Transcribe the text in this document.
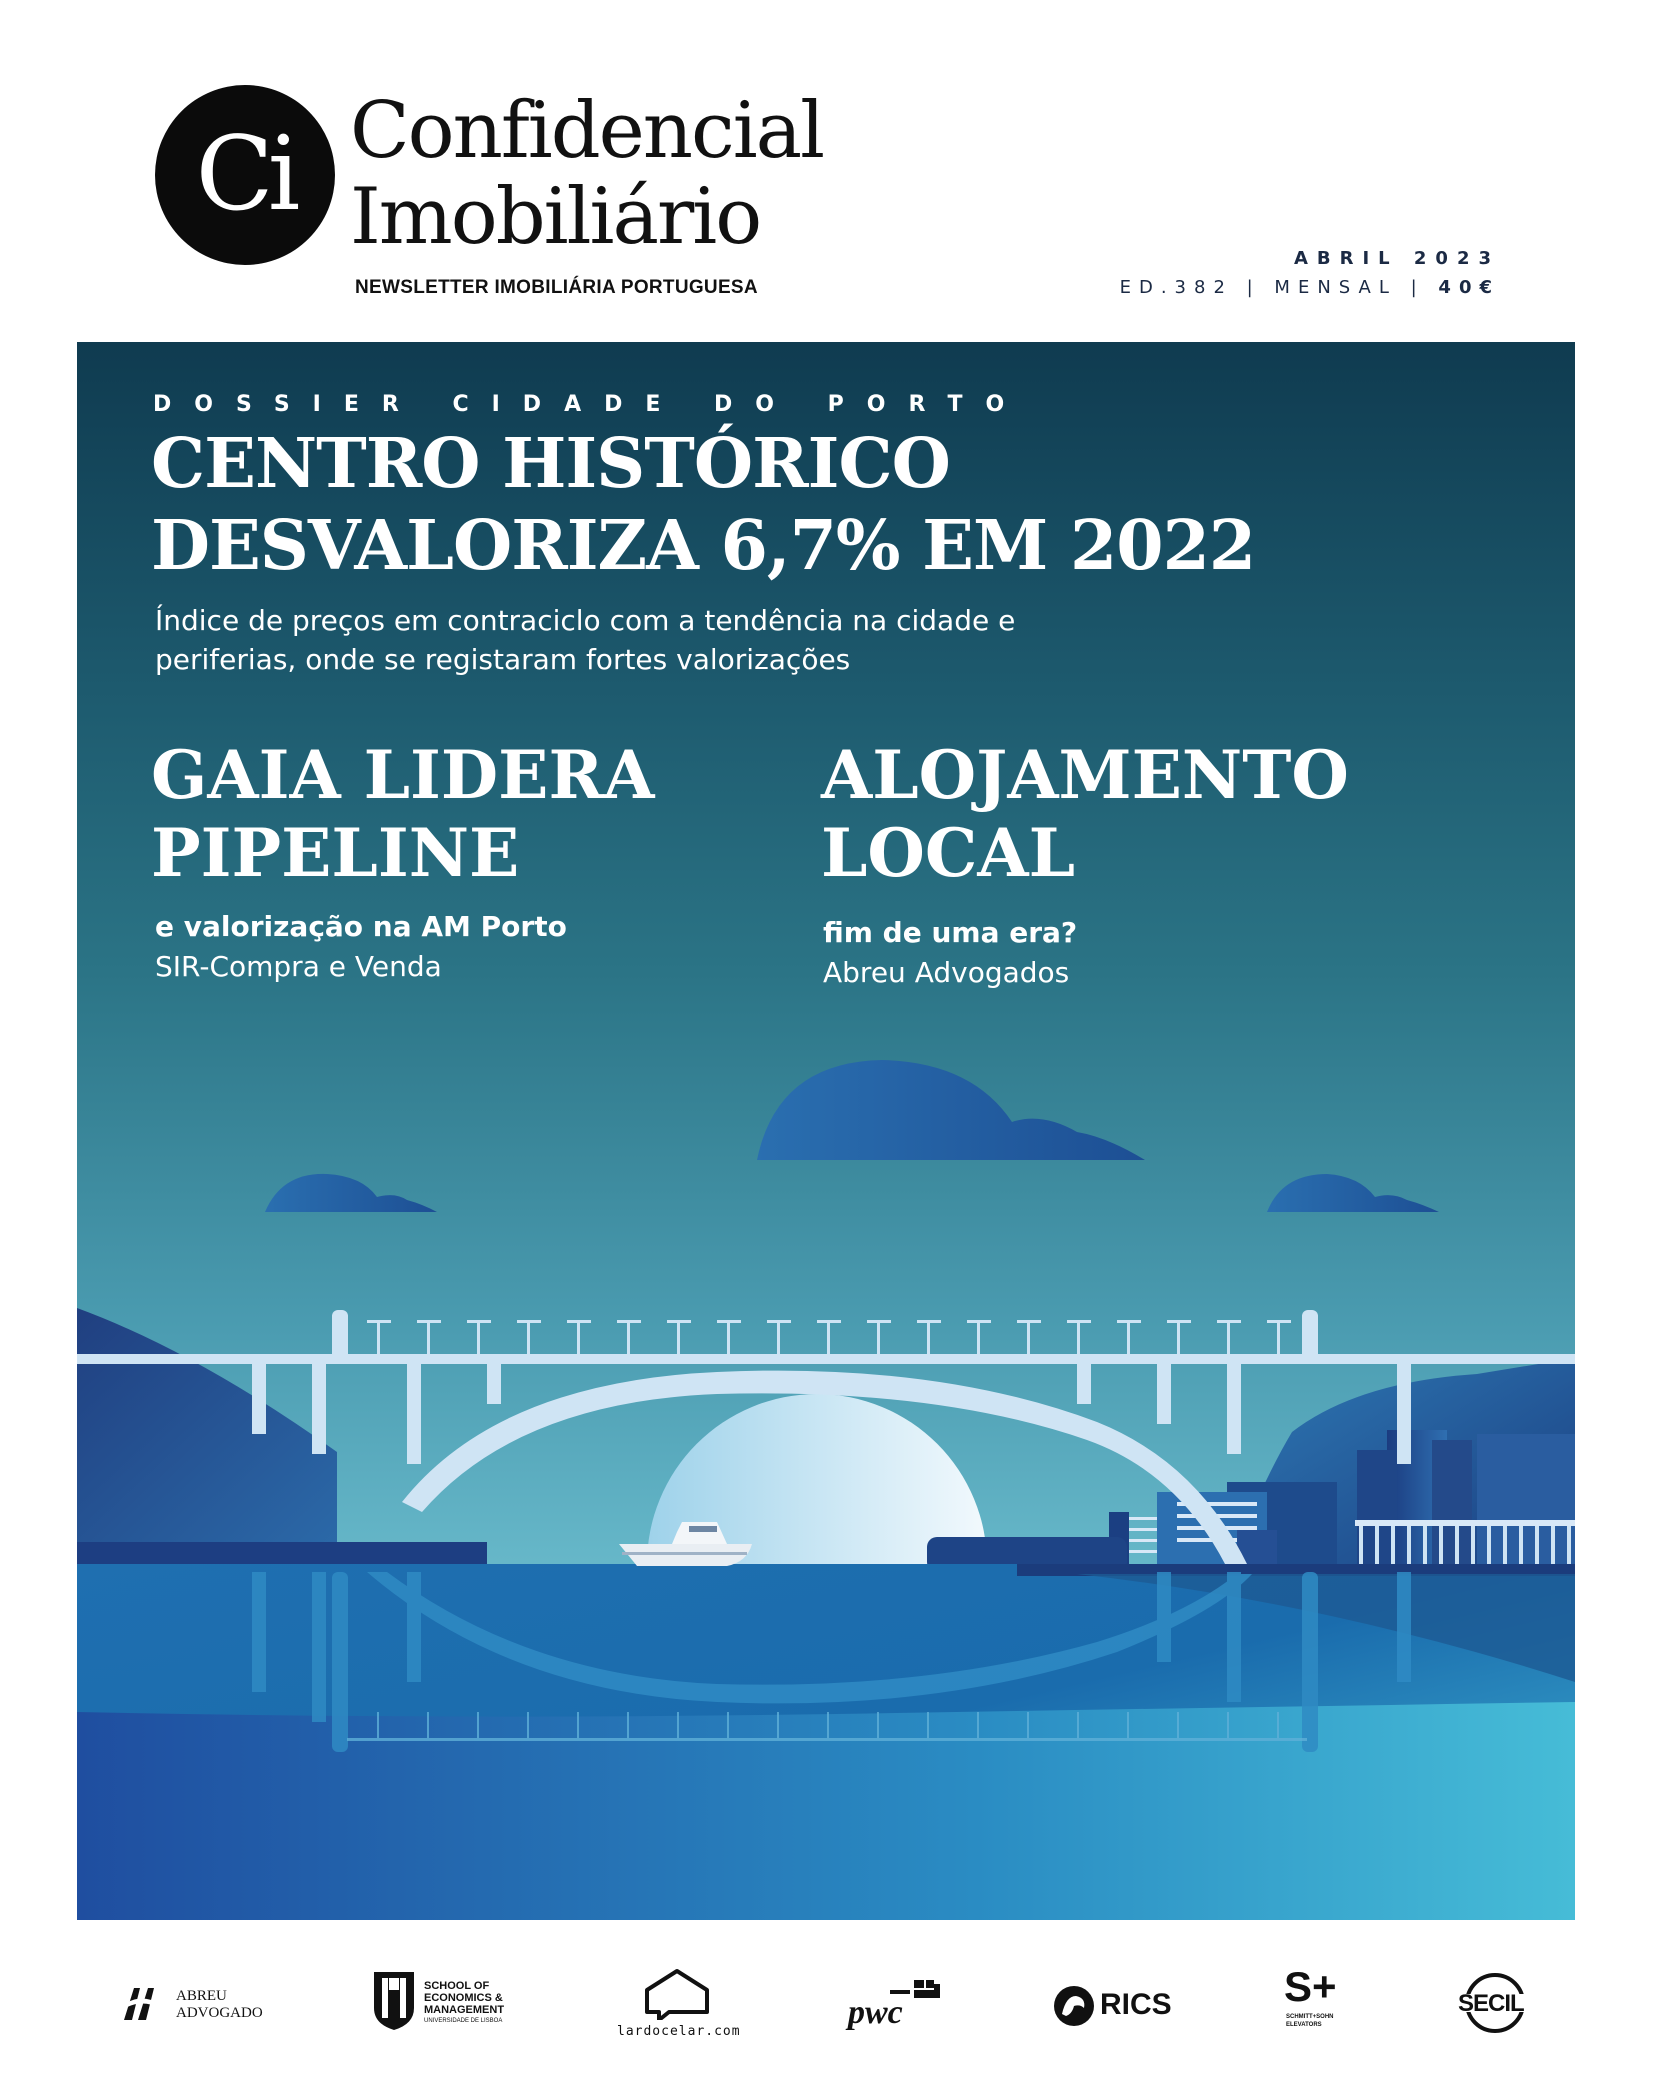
Ci Confidencial
Imobiliário
NEWSLETTER IMOBILIÁRIA PORTUGUESA
ABRIL 2023
ED.382 | MENSAL | 40€
DOSSIER CIDADE DO PORTO
CENTRO HISTÓRICO
DESVALORIZA 6,7% EM 2022
Índice de preços em contraciclo com a tendência na cidade e
periferias, onde se registaram fortes valorizações
GAIA LIDERA
PIPELINE
e valorização na AM Porto
SIR-Compra e Venda
ALOJAMENTO
LOCAL
fim de uma era?
Abreu Advogados
ABREU
ADVOGADO
SCHOOL OF
ECONOMICS &
MANAGEMENT
UNIVERSIDADE DE LISBOA
lardocelar.com
pwc	RICS	S+
SCHMITT+SOHN
ELEVATORS
SECIL
